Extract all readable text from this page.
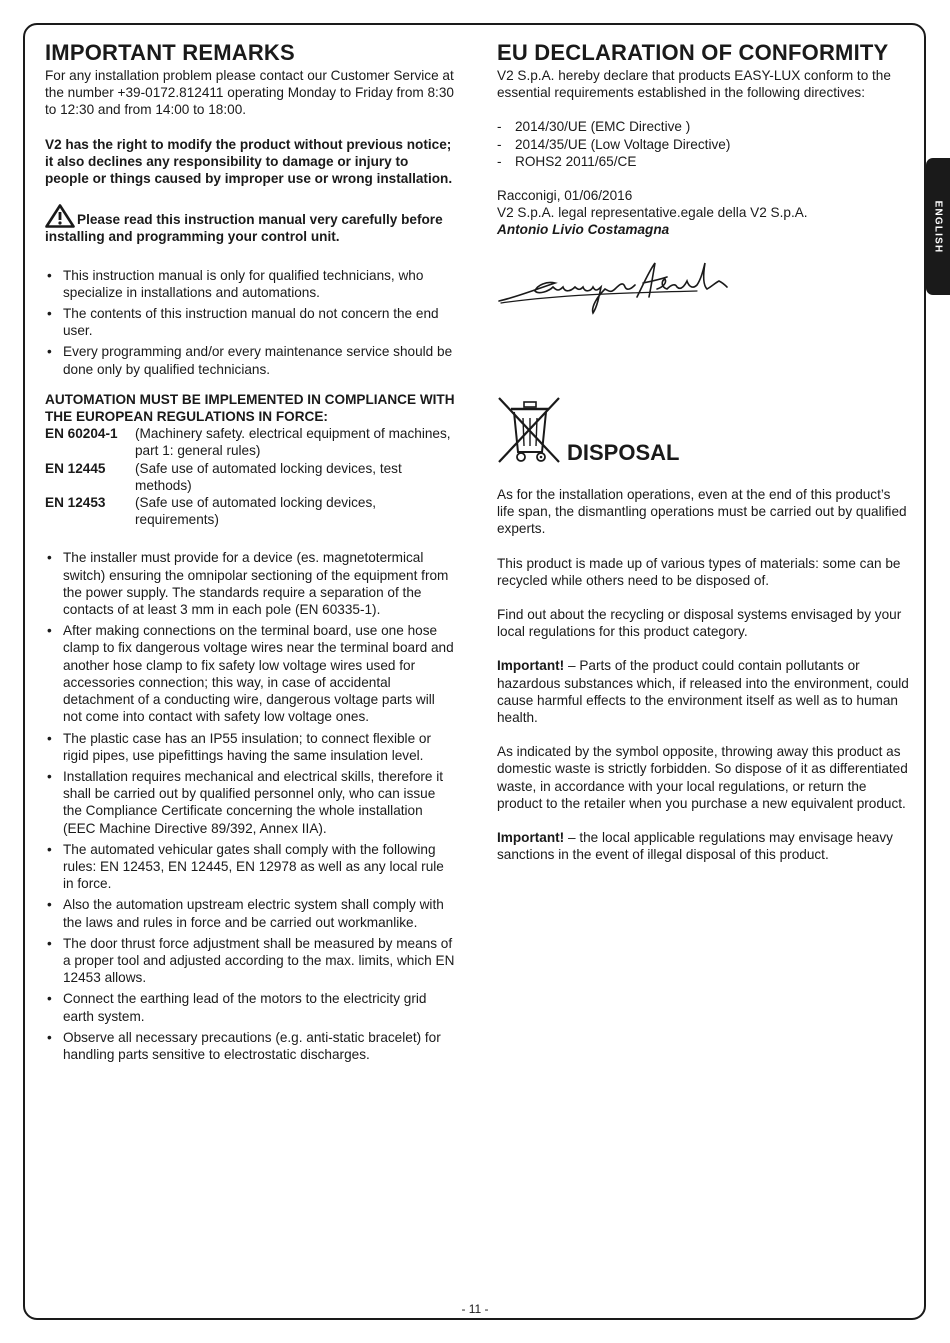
ENGLISH
IMPORTANT REMARKS

For any installation problem please contact our Customer Service at the number +39-0172.812411 operating Monday to Friday from 8:30 to 12:30 and from 14:00 to 18:00.

V2 has the right to modify the product without previous notice; it also declines any responsibility to damage or injury to people or things caused by improper use or wrong installation.

Please read this instruction manual very carefully before installing and programming your control unit.

• This instruction manual is only for qualified technicians, who specialize in installations and automations.
• The contents of this instruction manual do not concern the end user.
• Every programming and/or every maintenance service should be done only by qualified technicians.

AUTOMATION MUST BE IMPLEMENTED IN COMPLIANCE WITH THE EUROPEAN REGULATIONS IN FORCE:

EN 60204-1	(Machinery safety. electrical equipment of machines, part 1: general rules)
EN 12445	(Safe use of automated locking devices, test methods)
EN 12453	(Safe use of automated locking devices, requirements)
• The installer must provide for a device (es. magnetotermical switch) ensuring the omnipolar sectioning of the equipment from the power supply. The standards require a separation of the contacts of at least 3 mm in each pole (EN 60335-1).
• After making connections on the terminal board, use one hose clamp to fix dangerous voltage wires near the terminal board and another hose clamp to fix safety low voltage wires used for accessories connection; this way, in case of accidental detachment of a conducting wire, dangerous voltage parts will not come into contact with safety low voltage ones.
• The plastic case has an IP55 insulation; to connect flexible or rigid pipes, use pipefittings having the same insulation level.
• Installation requires mechanical and electrical skills, therefore it shall be carried out by qualified personnel only, who can issue the Compliance Certificate concerning the whole installation (EEC Machine Directive 89/392, Annex IIA).
• The automated vehicular gates shall comply with the following rules: EN 12453, EN 12445, EN 12978 as well as any local rule in force.
• Also the automation upstream electric system shall comply with the laws and rules in force and be carried out workmanlike.
• The door thrust force adjustment shall be measured by means of a proper tool and adjusted according to the max. limits, which EN 12453 allows.
• Connect the earthing lead of the motors to the electricity grid earth system.
• Observe all necessary precautions (e.g. anti-static bracelet) for handling parts sensitive to electrostatic discharges.
EU DECLARATION OF CONFORMITY

V2 S.p.A. hereby declare that products EASY-LUX conform to the essential requirements established in the following directives:

- 2014/30/UE (EMC Directive )
- 2014/35/UE (Low Voltage Directive)
- ROHS2 2011/65/CE

Racconigi, 01/06/2016

V2 S.p.A. legal representative.egale della V2 S.p.A.

Antonio Livio Costamagna

DISPOSAL

As for the installation operations, even at the end of this product’s life span, the dismantling operations must be carried out by qualified experts.

This product is made up of various types of materials: some can be recycled while others need to be disposed of.

Find out about the recycling or disposal systems envisaged by your local regulations for this product category.

Important! – Parts of the product could contain pollutants or hazardous substances which, if released into the environment, could cause harmful effects to the environment itself as well as to human health.

As indicated by the symbol opposite, throwing away this product as domestic waste is strictly forbidden. So dispose of it as differentiated waste, in accordance with your local regulations, or return the product to the retailer when you purchase a new equivalent product.

Important! – the local applicable regulations may envisage heavy sanctions in the event of illegal disposal of this product.

- 11 -
